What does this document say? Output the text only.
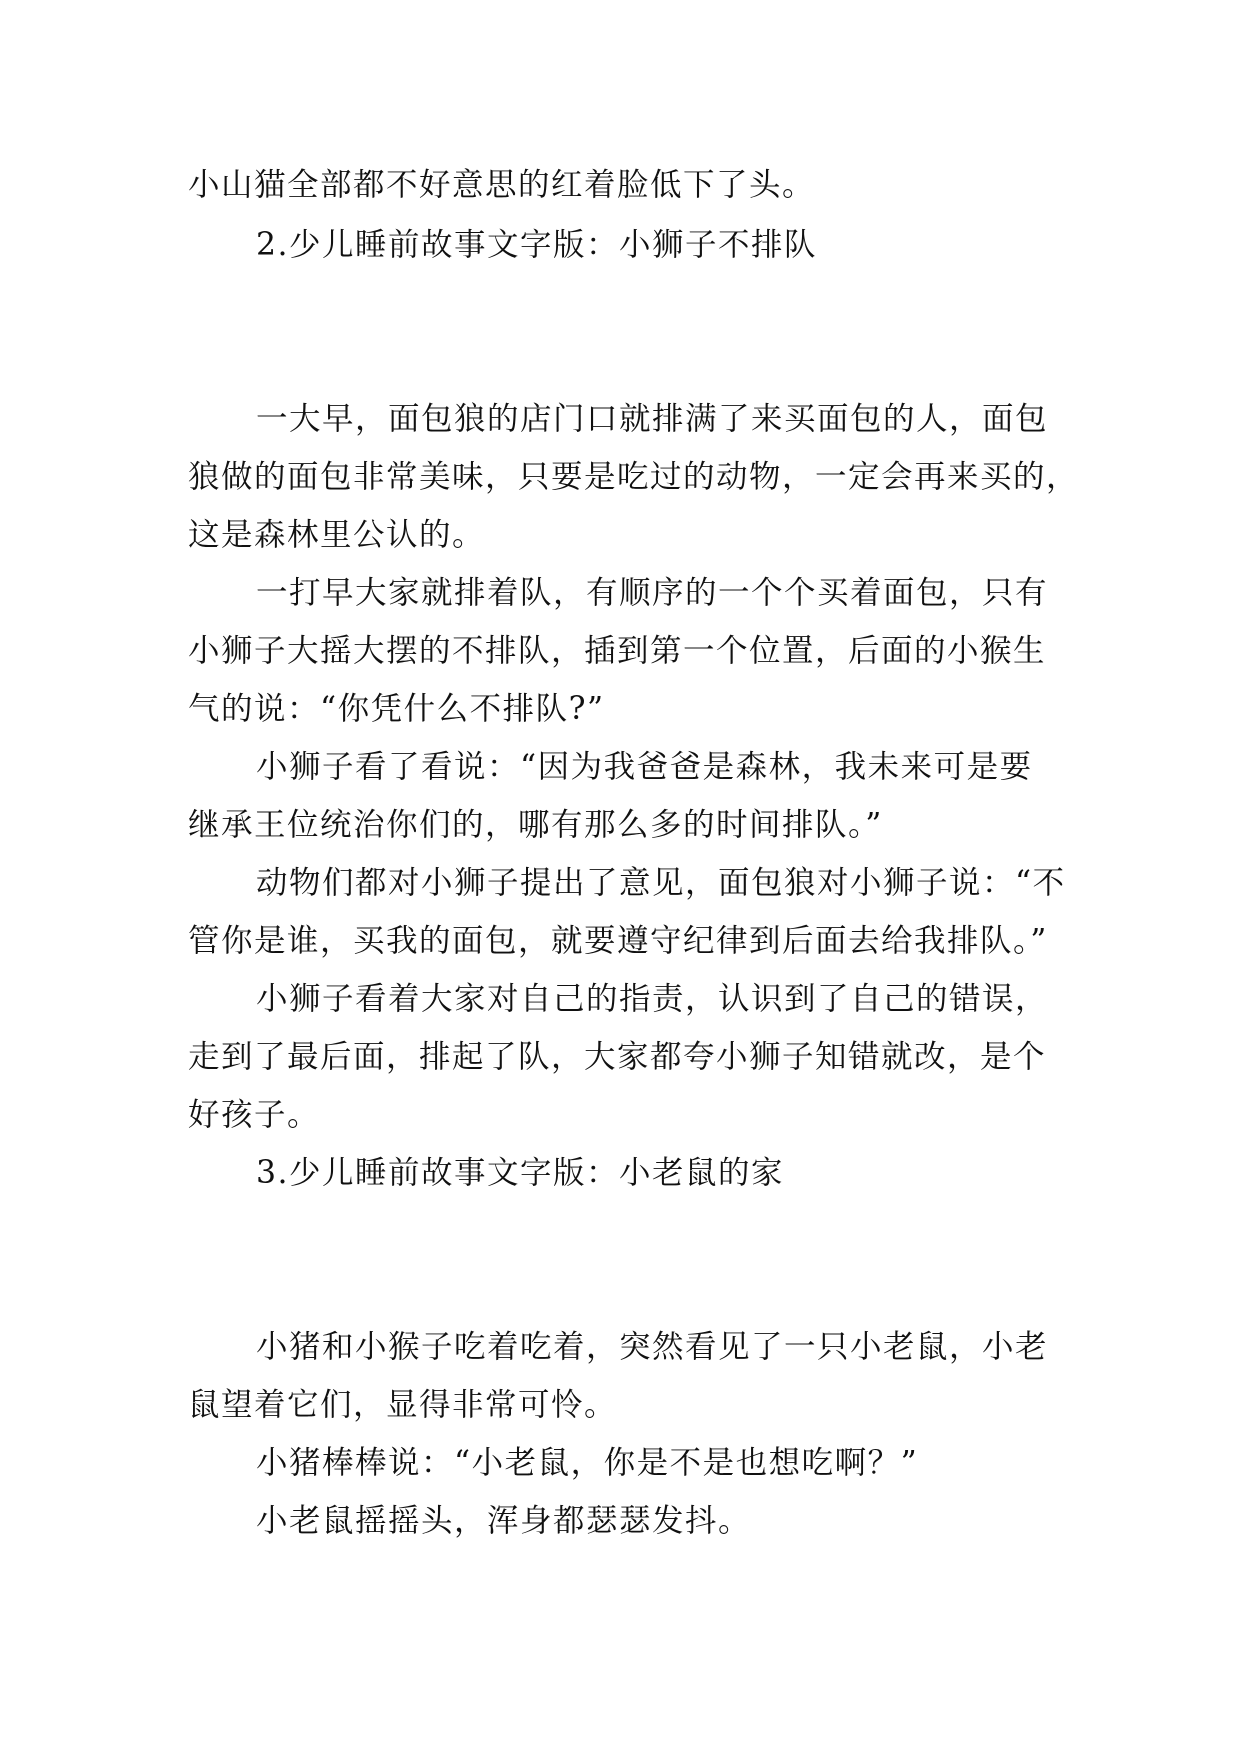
小山猫全部都不好意思的红着脸低下了头。

2.少儿睡前故事文字版：小狮子不排队

一大早，面包狼的店门口就排满了来买面包的人，面包

狼做的面包非常美味，只要是吃过的动物，一定会再来买的，

这是森林里公认的。

一打早大家就排着队，有顺序的一个个买着面包，只有

小狮子大摇大摆的不排队，插到第一个位置，后面的小猴生

气的说：“你凭什么不排队?”

小狮子看了看说：“因为我爸爸是森林，我未来可是要

继承王位统治你们的，哪有那么多的时间排队。”

动物们都对小狮子提出了意见，面包狼对小狮子说：“不

管你是谁，买我的面包，就要遵守纪律到后面去给我排队。”

小狮子看着大家对自己的指责，认识到了自己的错误，

走到了最后面，排起了队，大家都夸小狮子知错就改，是个

好孩子。

3.少儿睡前故事文字版：小老鼠的家

小猪和小猴子吃着吃着，突然看见了一只小老鼠，小老

鼠望着它们，显得非常可怜。

小猪棒棒说：“小老鼠，你是不是也想吃啊？”

小老鼠摇摇头，浑身都瑟瑟发抖。
